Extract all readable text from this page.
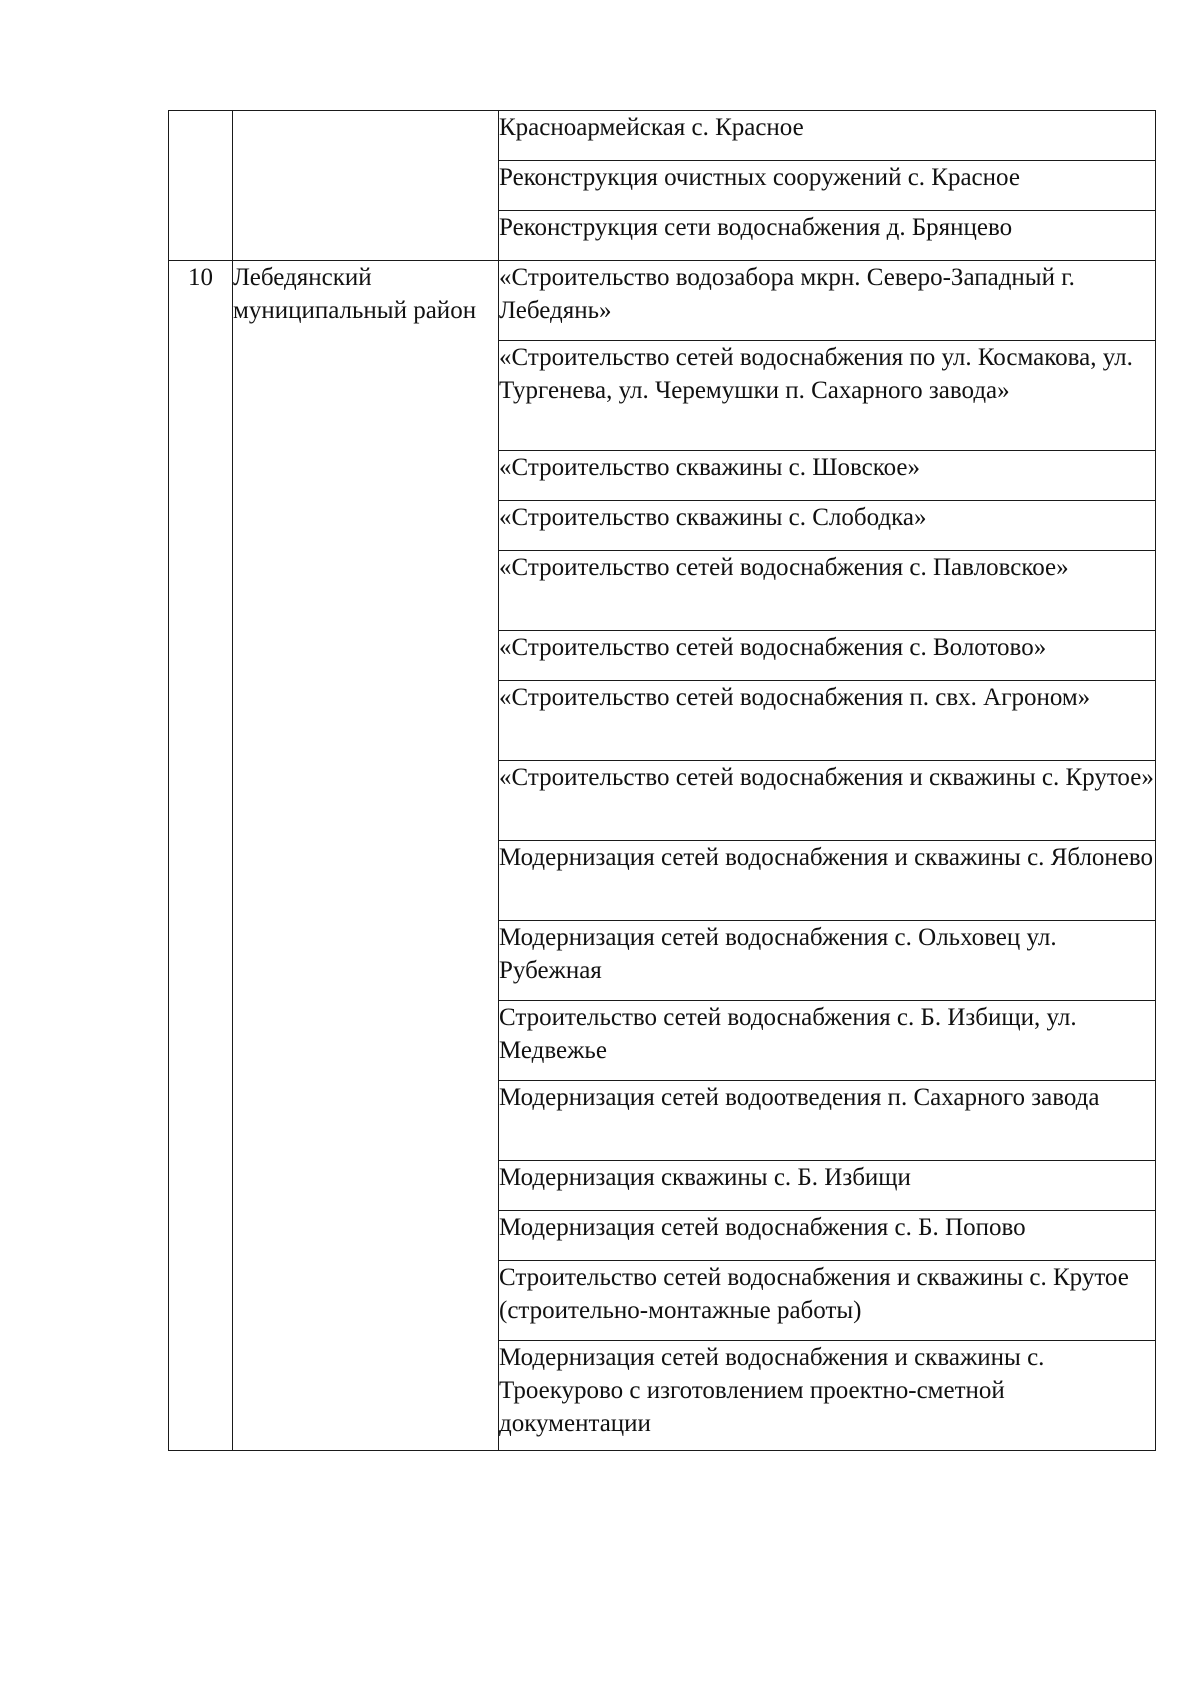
		Красноармейская с. Красное
		Реконструкция очистных сооружений с. Красное
		Реконструкция сети водоснабжения д. Брянцево
10	Лебедянский муниципальный район	«Строительство водозабора мкрн. Северо-Западный г. Лебедянь»
		«Строительство сетей водоснабжения по ул. Космакова, ул. Тургенева, ул. Черемушки п. Сахарного завода»
		«Строительство скважины с. Шовское»
		«Строительство скважины с. Слободка»
		«Строительство сетей водоснабжения с. Павловское»
		«Строительство сетей водоснабжения с. Волотово»
		«Строительство сетей водоснабжения п. свх. Агроном»
		«Строительство сетей водоснабжения и скважины с. Крутое»
		Модернизация сетей водоснабжения и скважины с. Яблонево
		Модернизация сетей водоснабжения с. Ольховец ул. Рубежная
		Строительство сетей водоснабжения с. Б. Избищи, ул. Медвежье
		Модернизация сетей водоотведения п. Сахарного завода
		Модернизация скважины с. Б. Избищи
		Модернизация сетей водоснабжения с. Б. Попово
		Строительство сетей водоснабжения и скважины с. Крутое (строительно-монтажные работы)
		Модернизация сетей водоснабжения и скважины с. Троекурово с изготовлением проектно-сметной документации
